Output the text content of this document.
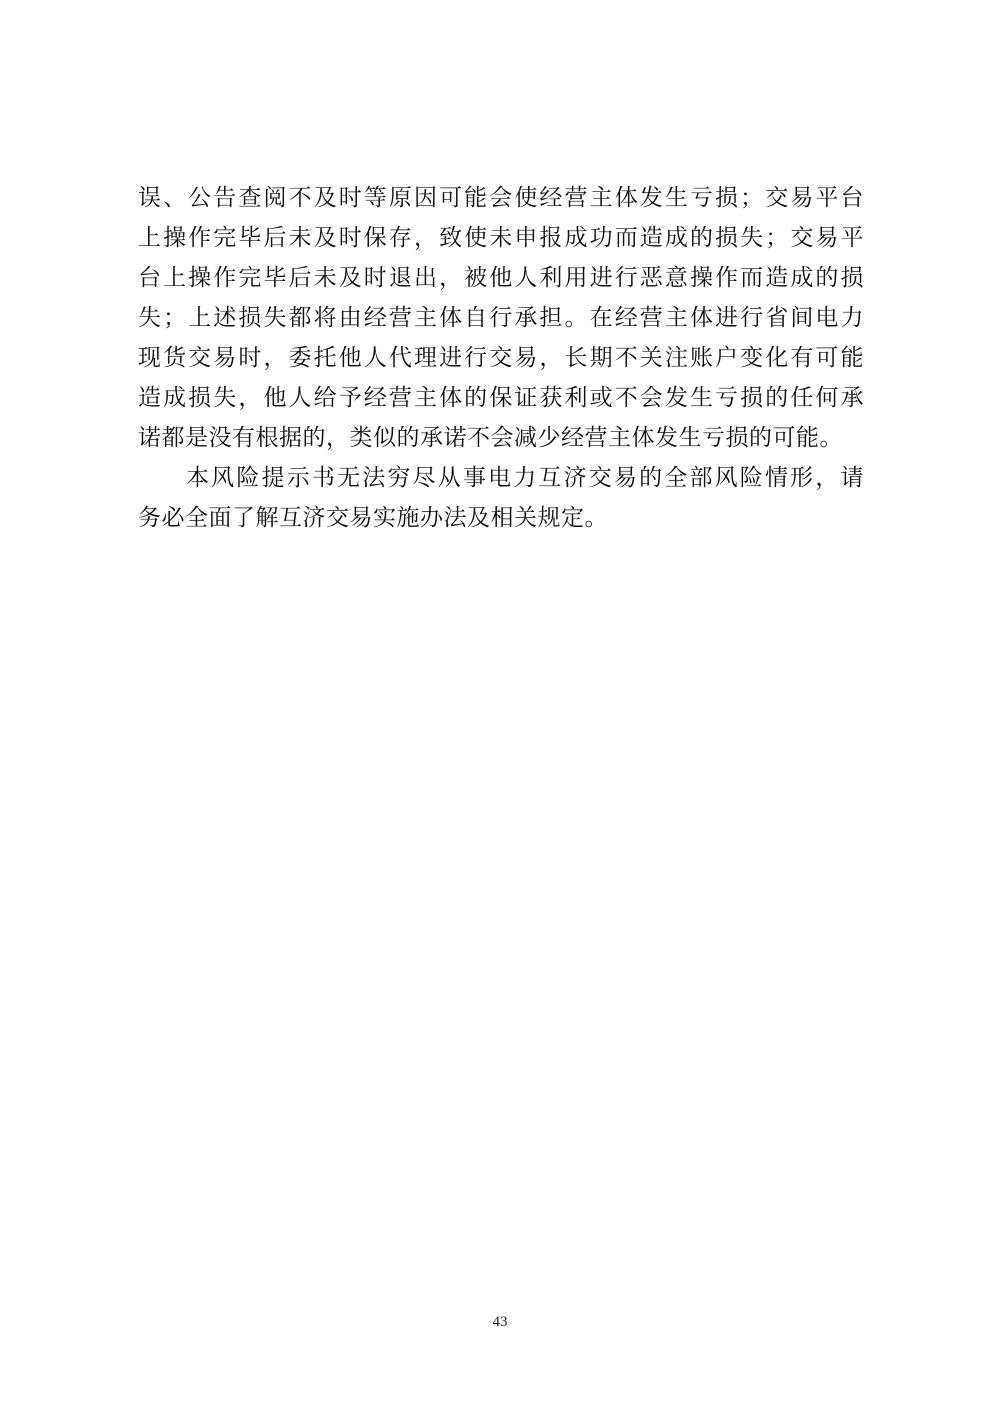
误、公告查阅不及时等原因可能会使经营主体发生亏损；交易平台
上操作完毕后未及时保存，致使未申报成功而造成的损失；交易平
台上操作完毕后未及时退出，被他人利用进行恶意操作而造成的损
失；上述损失都将由经营主体自行承担。在经营主体进行省间电力
现货交易时，委托他人代理进行交易，长期不关注账户变化有可能
造成损失，他人给予经营主体的保证获利或不会发生亏损的任何承
诺都是没有根据的，类似的承诺不会减少经营主体发生亏损的可能。
本风险提示书无法穷尽从事电力互济交易的全部风险情形，请
务必全面了解互济交易实施办法及相关规定。
43
